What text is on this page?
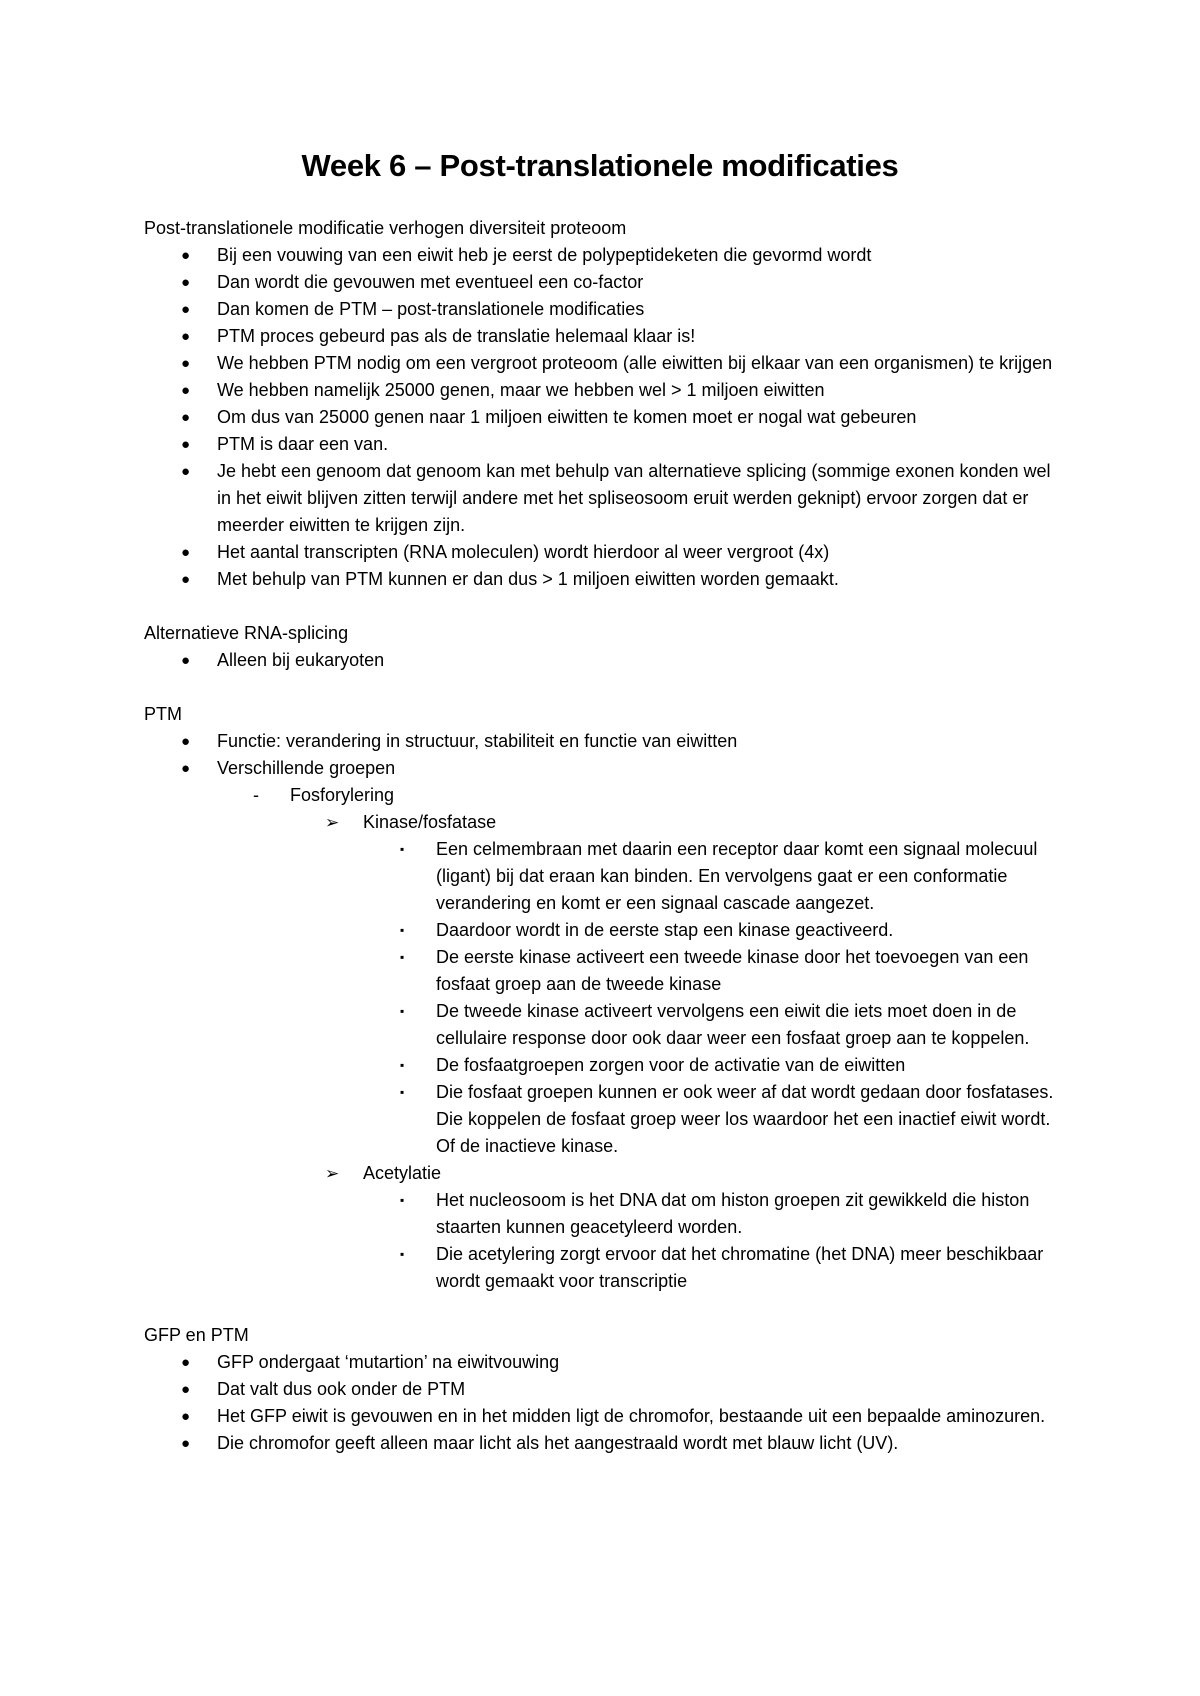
Week 6 – Post-translationele modificaties

Post-translationele modificatie verhogen diversiteit proteoom

● Bij een vouwing van een eiwit heb je eerst de polypeptideketen die gevormd wordt
● Dan wordt die gevouwen met eventueel een co-factor
● Dan komen de PTM – post-translationele modificaties
● PTM proces gebeurd pas als de translatie helemaal klaar is!
● We hebben PTM nodig om een vergroot proteoom (alle eiwitten bij elkaar van een organismen) te krijgen
● We hebben namelijk 25000 genen, maar we hebben wel > 1 miljoen eiwitten
● Om dus van 25000 genen naar 1 miljoen eiwitten te komen moet er nogal wat gebeuren
● PTM is daar een van.
● Je hebt een genoom dat genoom kan met behulp van alternatieve splicing (sommige exonen konden wel in het eiwit blijven zitten terwijl andere met het spliseosoom eruit werden geknipt) ervoor zorgen dat er meerder eiwitten te krijgen zijn.
● Het aantal transcripten (RNA moleculen) wordt hierdoor al weer vergroot (4x)
● Met behulp van PTM kunnen er dan dus > 1 miljoen eiwitten worden gemaakt.

Alternatieve RNA-splicing

● Alleen bij eukaryoten

PTM

● Functie: verandering in structuur, stabiliteit en functie van eiwitten
● Verschillende groepen
- Fosforylering
➢ Kinase/fosfatase
▪ Een celmembraan met daarin een receptor daar komt een signaal molecuul (ligant) bij dat eraan kan binden. En vervolgens gaat er een conformatie verandering en komt er een signaal cascade aangezet.
▪ Daardoor wordt in de eerste stap een kinase geactiveerd.
▪ De eerste kinase activeert een tweede kinase door het toevoegen van een fosfaat groep aan de tweede kinase
▪ De tweede kinase activeert vervolgens een eiwit die iets moet doen in de cellulaire response door ook daar weer een fosfaat groep aan te koppelen.
▪ De fosfaatgroepen zorgen voor de activatie van de eiwitten
▪ Die fosfaat groepen kunnen er ook weer af dat wordt gedaan door fosfatases. Die koppelen de fosfaat groep weer los waardoor het een inactief eiwit wordt. Of de inactieve kinase.
➢ Acetylatie
▪ Het nucleosoom is het DNA dat om histon groepen zit gewikkeld die histon staarten kunnen geacetyleerd worden.
▪ Die acetylering zorgt ervoor dat het chromatine (het DNA) meer beschikbaar wordt gemaakt voor transcriptie

GFP en PTM

● GFP ondergaat ‘mutartion’ na eiwitvouwing
● Dat valt dus ook onder de PTM
● Het GFP eiwit is gevouwen en in het midden ligt de chromofor, bestaande uit een bepaalde aminozuren.
● Die chromofor geeft alleen maar licht als het aangestraald wordt met blauw licht (UV).
